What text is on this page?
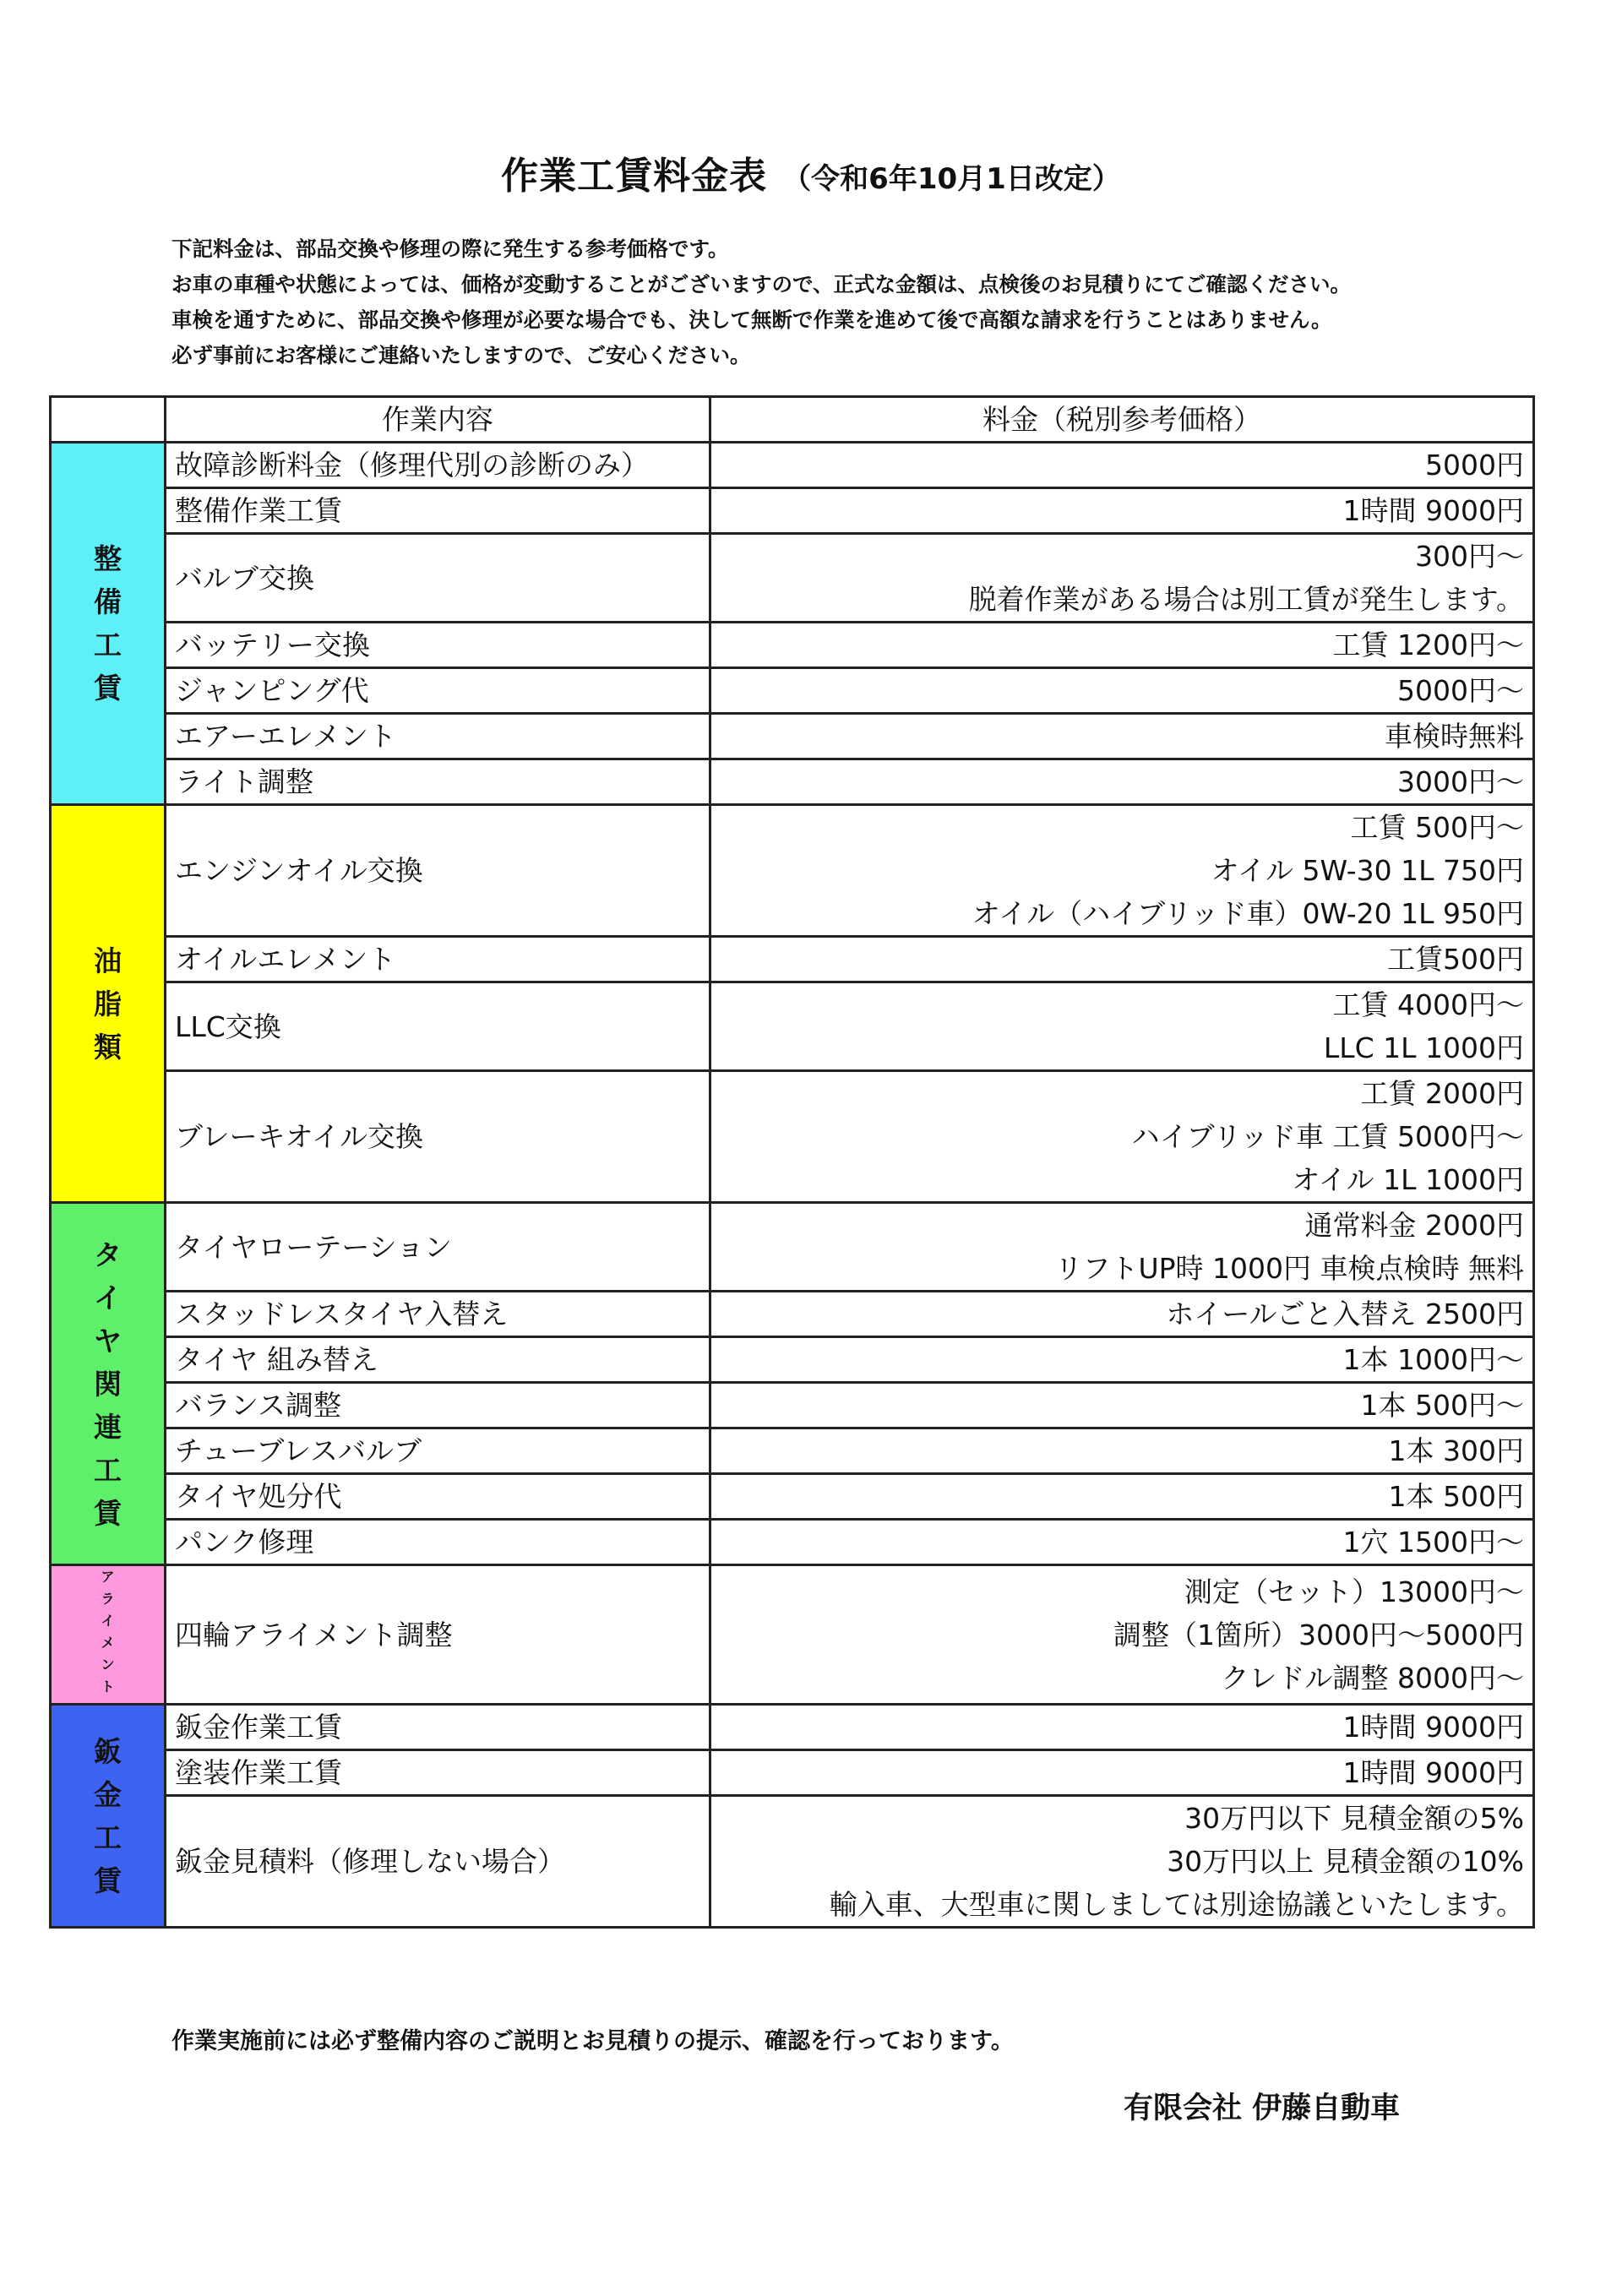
作業工賃料金表 （令和6年10月1日改定）
下記料金は、部品交換や修理の際に発生する参考価格です。
お車の車種や状態によっては、価格が変動することがございますので、正式な金額は、点検後のお見積りにてご確認ください。
車検を通すために、部品交換や修理が必要な場合でも、決して無断で作業を進めて後で高額な請求を行うことはありません。
必ず事前にお客様にご連絡いたしますので、ご安心ください。
	作業内容	料金（税別参考価格）
整備工賃	故障診断料金（修理代別の診断のみ）	5000円

	整備作業工賃	1時間 9000円

	バルブ交換	300円～
脱着作業がある場合は別工賃が発生します。

	バッテリー交換	工賃 1200円～

	ジャンピング代	5000円～

	エアーエレメント	車検時無料

	ライト調整	3000円～

油脂類	エンジンオイル交換	工賃 500円～
オイル 5W-30 1L 750円
オイル（ハイブリッド車）0W-20 1L 950円

	オイルエレメント	工賃500円

	LLC交換	工賃 4000円～
LLC 1L 1000円

	ブレーキオイル交換	工賃 2000円
ハイブリッド車 工賃 5000円～
オイル 1L 1000円

タイヤ関連工賃	タイヤローテーション	通常料金 2000円
リフトUP時 1000円 車検点検時 無料

	スタッドレスタイヤ入替え	ホイールごと入替え 2500円

	タイヤ 組み替え	1本 1000円～

	バランス調整	1本 500円～

	チューブレスバルブ	1本 300円

	タイヤ処分代	1本 500円

	パンク修理	1穴 1500円～

アライメント	四輪アライメント調整	測定（セット）13000円～
調整（1箇所）3000円～5000円
クレドル調整 8000円～

鈑金工賃	鈑金作業工賃	1時間 9000円

	塗装作業工賃	1時間 9000円

	鈑金見積料（修理しない場合）	30万円以下 見積金額の5%
30万円以上 見積金額の10%
輸入車、大型車に関しましては別途協議といたします。
作業実施前には必ず整備内容のご説明とお見積りの提示、確認を行っております。
有限会社 伊藤自動車
